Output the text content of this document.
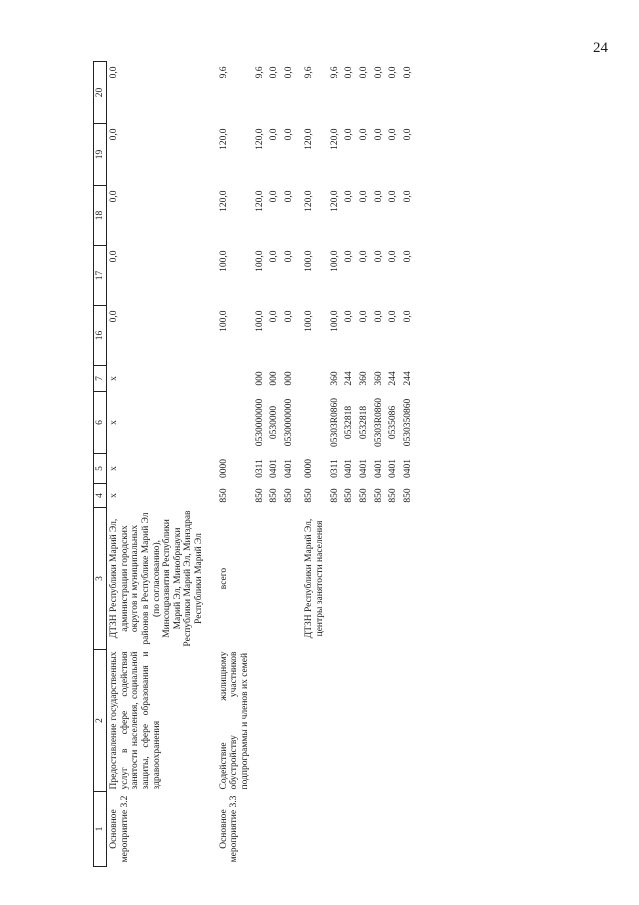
24
1	2	3	4	5	6	7	16	17	18	19	20
Основное мероприятие 3.2	Предоставление государственных услуг в сфере содействия занятости населения, социальной защиты, сфере образования и здравоохранения	ДТЗН Республики Марий Эл, администрации городских округов и муниципальных районов в Республике Марий Эл (по согласованию), Минсоцразвития Республики Марий Эл, Минобрнауки Республики Марий Эл, Минздрав Республики Марий Эл	x	x	x	x	0,0	0,0	0,0	0,0	0,0
Основное мероприятие 3.3	Содействие жилищному обустройству участников подпрограммы и членов их семей	всего	850	0000			100,0	100,0	120,0	120,0	9,6
			850	0311	0530000000	000	100,0	100,0	120,0	120,0	9,6
			850	0401	0530000	000	0,0	0,0	0,0	0,0	0,0
			850	0401	0530000000	000	0,0	0,0	0,0	0,0	0,0
		ДТЗН Республики Марий Эл, центры занятости населения	850	0000			100,0	100,0	120,0	120,0	9,6
			850	0311	05303R0860	360	100,0	100,0	120,0	120,0	9,6
			850	0401	0532818	244	0,0	0,0	0,0	0,0	0,0
			850	0401	0532818	360	0,0	0,0	0,0	0,0	0,0
			850	0401	05303R0860	360	0,0	0,0	0,0	0,0	0,0
			850	0401	0535086	244	0,0	0,0	0,0	0,0	0,0
			850	0401	0530350860	244	0,0	0,0	0,0	0,0	0,0
